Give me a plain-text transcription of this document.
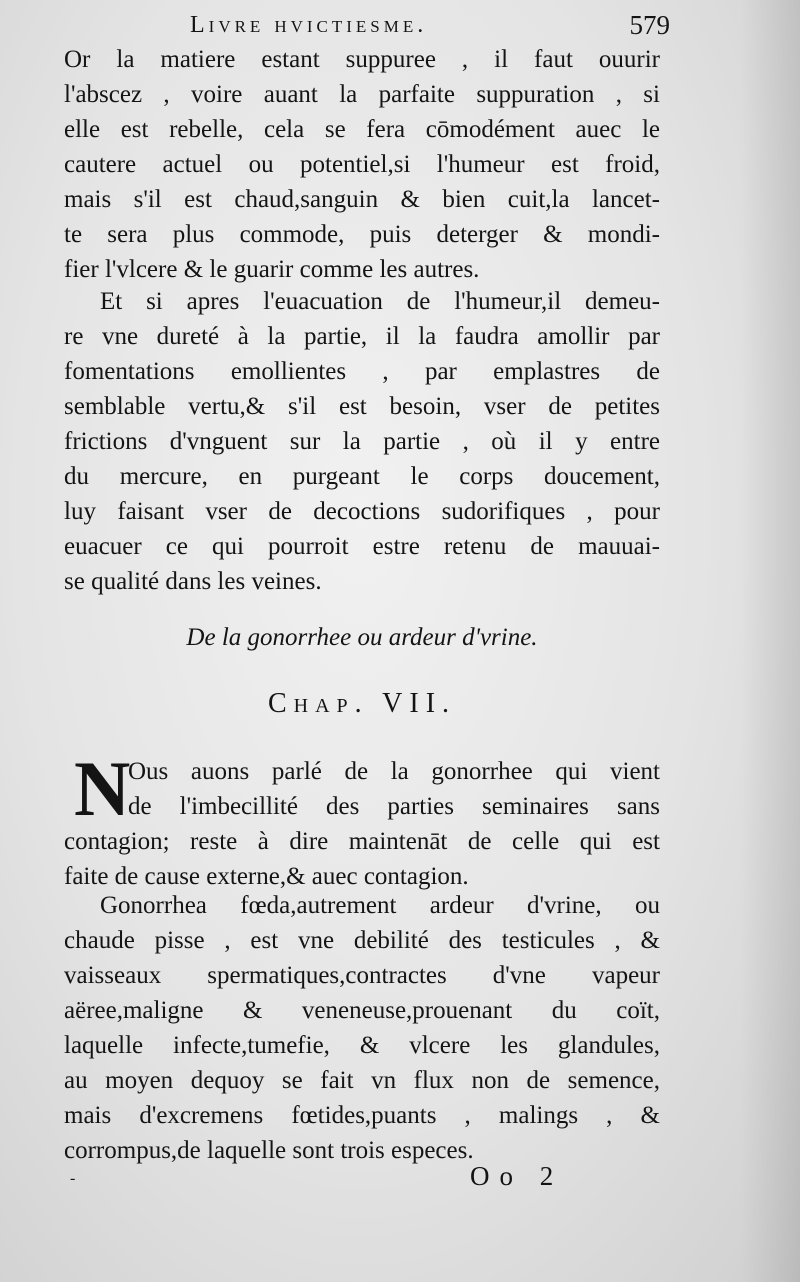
Livre hvictiesme.	579
Or la matiere estant suppuree , il faut ouurir
l'abscez , voire auant la parfaite suppuration , si
elle est rebelle, cela se fera cōmodément auec le
cautere actuel ou potentiel,si l'humeur est froid,
mais s'il est chaud,sanguin & bien cuit,la lancet-
te sera plus commode, puis deterger & mondi-
fier l'vlcere & le guarir comme les autres.
Et si apres l'euacuation de l'humeur,il demeu-
re vne dureté à la partie, il la faudra amollir par
fomentations emollientes , par emplastres de
semblable vertu,& s'il est besoin, vser de petites
frictions d'vnguent sur la partie , où il y entre
du mercure, en purgeant le corps doucement,
luy faisant vser de decoctions sudorifiques , pour
euacuer ce qui pourroit estre retenu de mauuai-
se qualité dans les veines.
De la gonorrhee ou ardeur d'vrine.
Chap. VII.
N
Ous auons parlé de la gonorrhee qui vient
de l'imbecillité des parties seminaires sans
contagion; reste à dire maintenāt de celle qui est
faite de cause externe,& auec contagion.
Gonorrhea fœda,autrement ardeur d'vrine, ou
chaude pisse , est vne debilité des testicules , &
vaisseaux spermatiques,contractes d'vne vapeur
aëree,maligne & veneneuse,prouenant du coït,
laquelle infecte,tumefie, & vlcere les glandules,
au moyen dequoy se fait vn flux non de semence,
mais d'excremens fœtides,puants , malings , &
corrompus,de laquelle sont trois especes.
-	Oo 2
